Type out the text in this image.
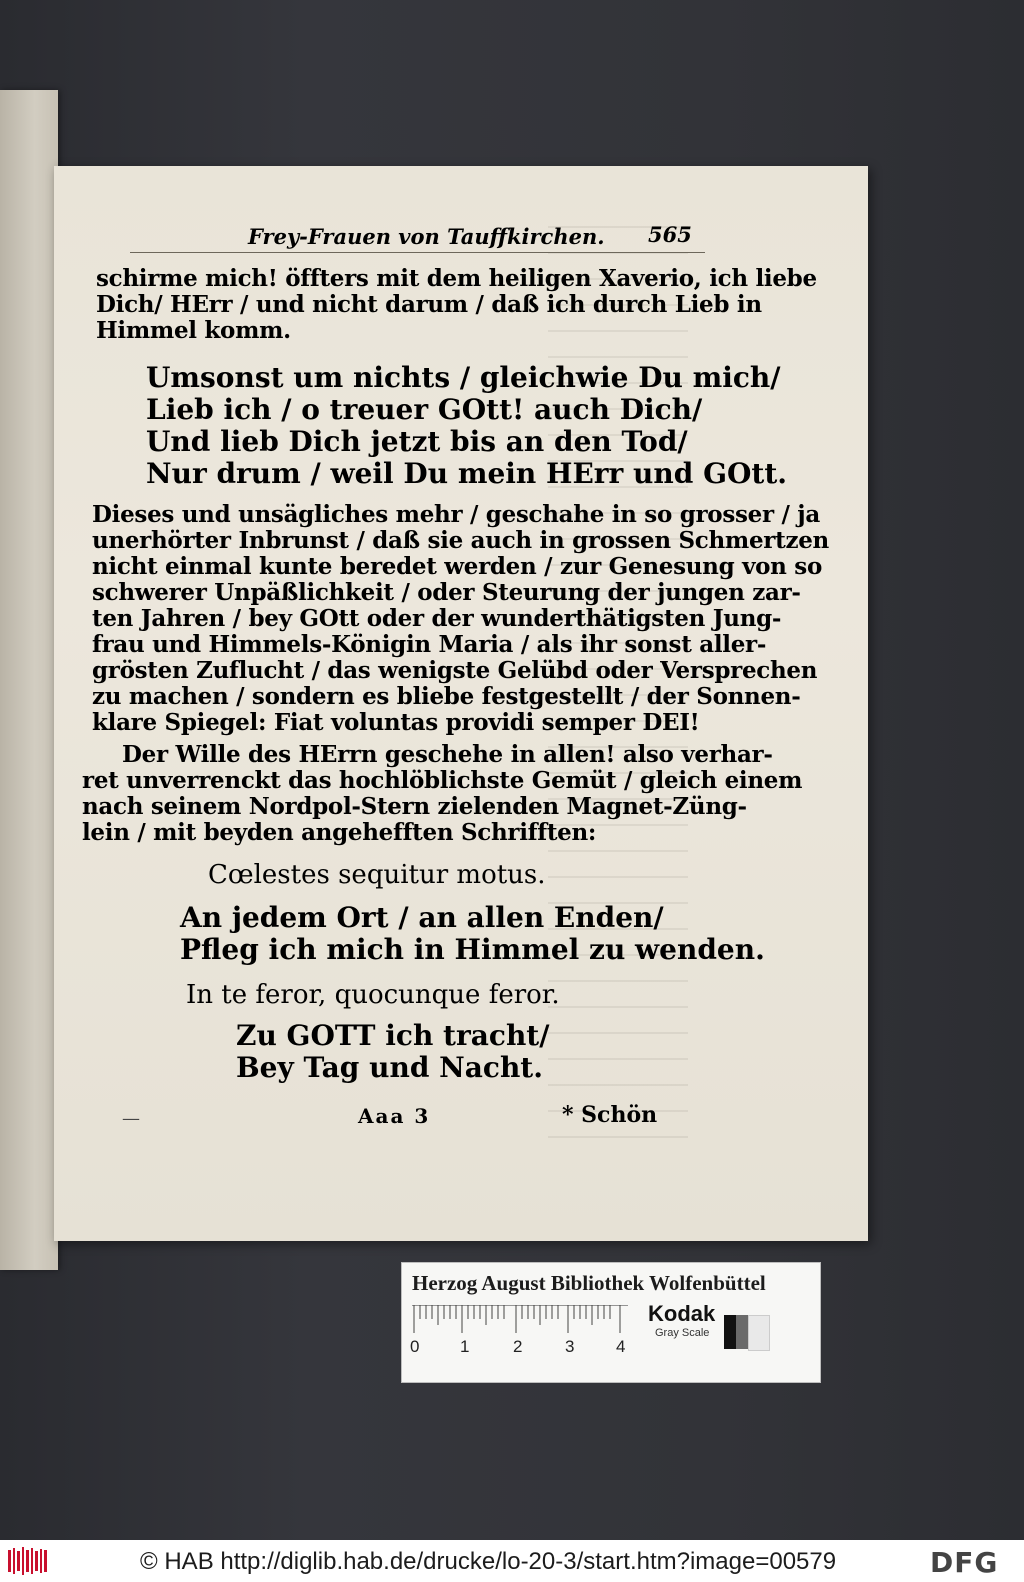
Frey-Frauen von Tauffkirchen. 565
schirme mich! öffters mit dem heiligen Xaverio, ich liebe
Dich/ HErr / und nicht darum / daß ich durch Lieb in
Himmel komm.
Umsonst um nichts / gleichwie Du mich/
Lieb ich / o treuer GOtt! auch Dich/
Und lieb Dich jetzt bis an den Tod/
Nur drum / weil Du mein HErr und GOtt.
Dieses und unsägliches mehr / geschahe in so grosser / ja
unerhörter Inbrunst / daß sie auch in grossen Schmertzen
nicht einmal kunte beredet werden / zur Genesung von so
schwerer Unpäßlichkeit / oder Steurung der jungen zar-
ten Jahren / bey GOtt oder der wunderthätigsten Jung-
frau und Himmels-Königin Maria / als ihr sonst aller-
grösten Zuflucht / das wenigste Gelübd oder Versprechen
zu machen / sondern es bliebe festgestellt / der Sonnen-
klare Spiegel: Fiat voluntas providi semper DEI!
Der Wille des HErrn geschehe in allen! also verhar-
ret unverrenckt das hochlöblichste Gemüt / gleich einem
nach seinem Nordpol-Stern zielenden Magnet-Züng-
lein / mit beyden angehefften Schrifften:
Cœlestes sequitur motus.
An jedem Ort / an allen Enden/
Pfleg ich mich in Himmel zu wenden.
In te feror, quocunque feror.
Zu GOTT ich tracht/
Bey Tag und Nacht.
—	Aaa 3	* Schön
Herzog August Bibliothek Wolfenbüttel
0 1	2	3 4
Kodak
Gray Scale
© HAB http://diglib.hab.de/drucke/lo-20-3/start.htm?image=00579	DFG
